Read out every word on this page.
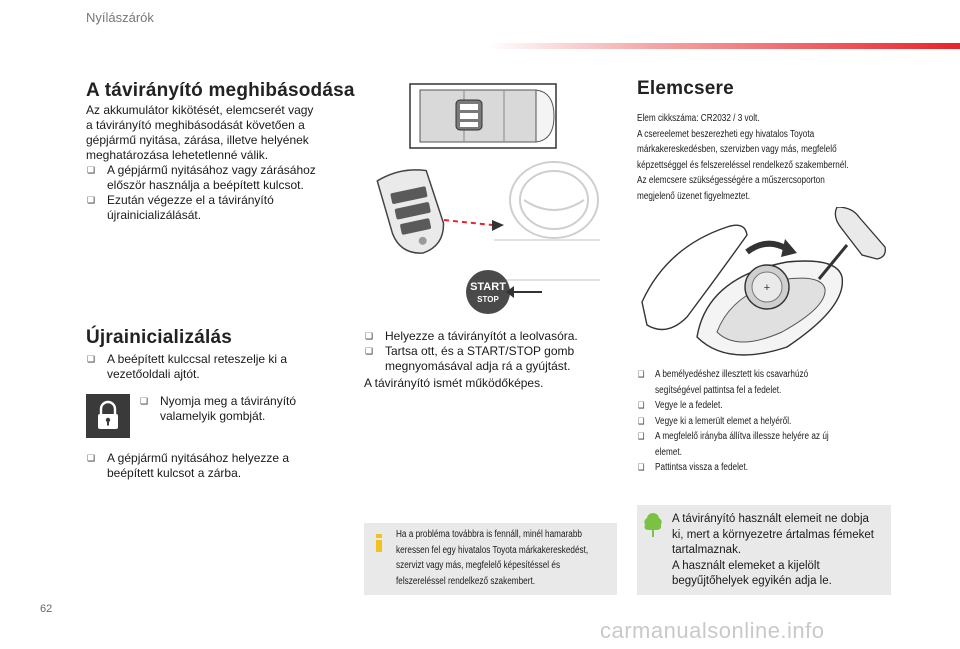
Nyílászárók
A távirányító meghibásodása
Az akkumulátor kikötését, elemcserét vagy
a távirányító meghibásodását követően a
gépjármű nyitása, zárása, illetve helyének
meghatározása lehetetlenné válik.
❑ A gépjármű nyitásához vagy zárásához
először használja a beépített kulcsot.
❑ Ezután végezze el a távirányító
újrainicializálását.
Újrainicializálás
❑ A beépített kulccsal reteszelje ki a
vezetőoldali ajtót.
❑ Nyomja meg a távirányító
valamelyik gombját.
❑ A gépjármű nyitásához helyezze a
beépített kulcsot a zárba.
START
STOP
❑ Helyezze a távirányítót a leolvasóra.
❑ Tartsa ott, és a START/STOP gomb
megnyomásával adja rá a gyújtást.
A távirányító ismét működőképes.
Ha a probléma továbbra is fennáll, minél hamarabb
keressen fel egy hivatalos Toyota márkakereskedést,
szervizt vagy más, megfelelő képesítéssel és
felszereléssel rendelkező szakembert.
Elemcsere
Elem cikkszáma: CR2032 / 3 volt.
A csereelemet beszerezheti egy hivatalos Toyota
márkakereskedésben, szervizben vagy más, megfelelő
képzettséggel és felszereléssel rendelkező szakembernél.
Az elemcsere szükségességére a műszercsoporton
megjelenő üzenet figyelmeztet.
+
❑ A bemélyedéshez illesztett kis csavarhúzó
segítségével pattintsa fel a fedelet.
❑ Vegye le a fedelet.
❑ Vegye ki a lemerült elemet a helyéről.
❑ A megfelelő irányba állítva illessze helyére az új
elemet.
❑ Pattintsa vissza a fedelet.
A távirányító használt elemeit ne dobja
ki, mert a környezetre ártalmas fémeket
tartalmaznak.
A használt elemeket a kijelölt
begyűjtőhelyek egyikén adja le.
62
carmanualsonline.info
